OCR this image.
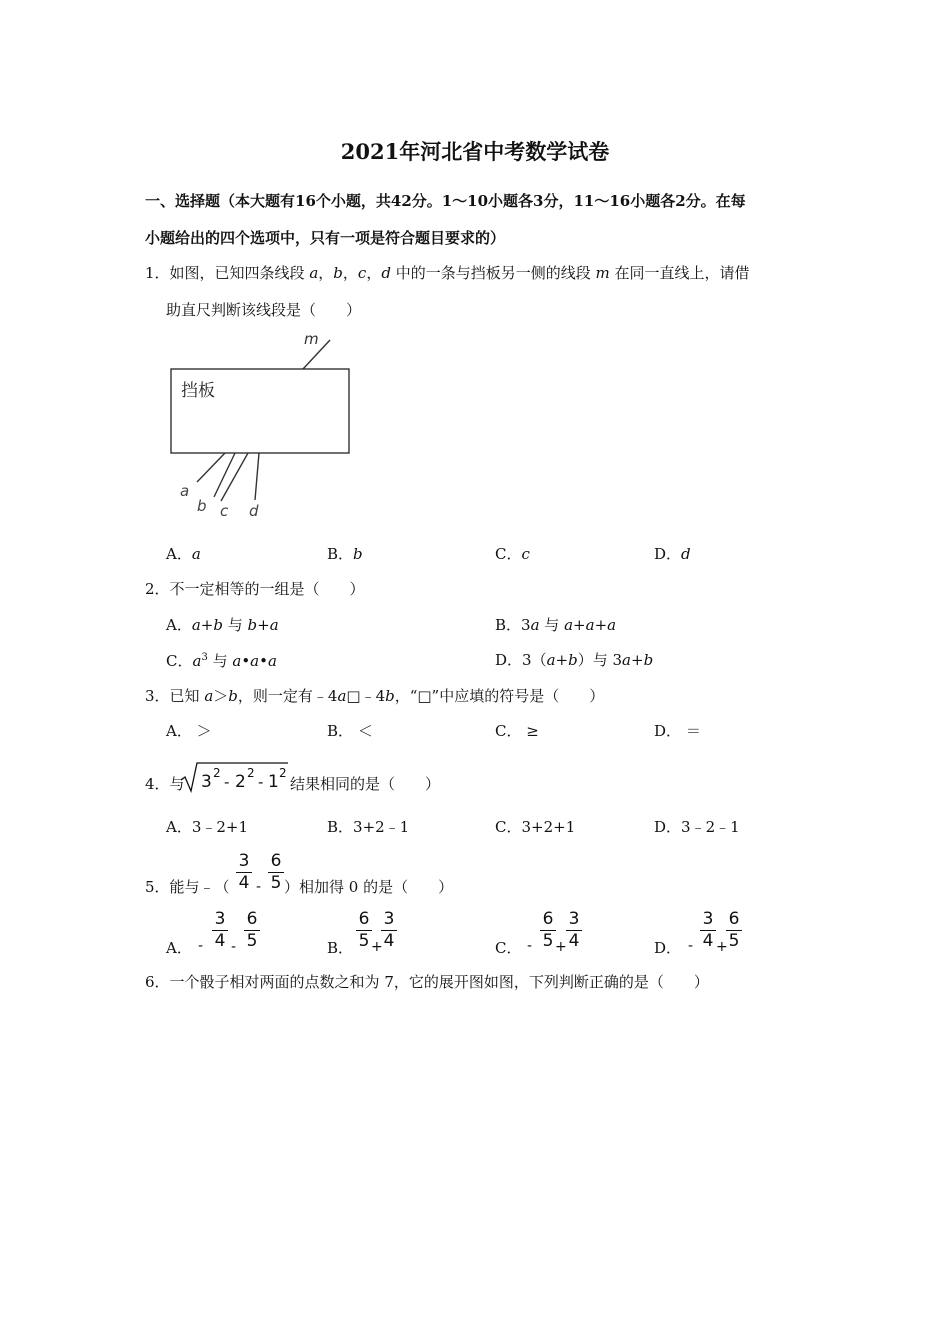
2021年河北省中考数学试卷
一、选择题（本大题有16个小题，共42分。1～10小题各3分，11～16小题各2分。在每
小题给出的四个选项中，只有一项是符合题目要求的）
1．如图，已知四条线段 a，b，c，d 中的一条与挡板另一侧的线段 m 在同一直线上，请借
助直尺判断该线段是（　　）
m
挡板
a
b c d
A．a	B．b	C．c	D．d
2．不一定相等的一组是（　　）
A．a+b 与 b+a	B．3a 与 a+a+a
C．$a^3$ 与 a•a•a	D．3（a+b）与 3a+b
3．已知 a＞b，则一定有﹣4a□﹣4b，“□”中应填的符号是（　　）
A． ＞	B． ＜	C． ≥	D． ＝
4．与 3 2 - 2 2 - 1 2
结果相同的是（　　）
A．3﹣2+1	B．3+2﹣1	C．3+2+1	D．3﹣2﹣1
5．能与﹣（ $\frac{3}{4} - \frac{6}{5}$ ）相加得 0 的是（　　）
A． - $\frac{3}{4} - \frac{6}{5}$	B． $\frac{6}{5}$ +
$\frac{3}{4}$	C． - $\frac{6}{5} + \frac{3}{4}$	D． - $\frac{3}{4}$ +
$\frac{6}{5}$
6．一个骰子相对两面的点数之和为 7，它的展开图如图，下列判断正确的是（　　）
